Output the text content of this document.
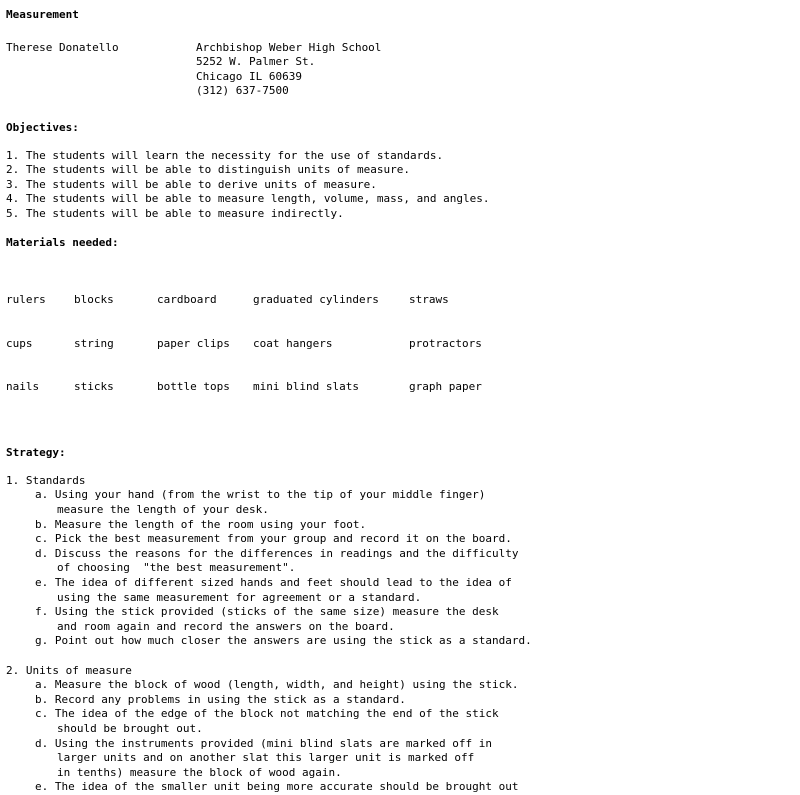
Measurement
Therese Donatello	Archbishop Weber High School
5252 W. Palmer St.
Chicago IL 60639
(312) 637-7500
Objectives:
1. The students will learn the necessity for the use of standards.
2. The students will be able to distinguish units of measure.
3. The students will be able to derive units of measure.
4. The students will be able to measure length, volume, mass, and angles.
5. The students will be able to measure indirectly.
Materials needed:

rulers

cups

nails

blocks

string

sticks

cardboard

paper clips

bottle tops

graduated cylinders

coat hangers

mini blind slats

straws

protractors

graph paper

Strategy:
1. Standards
a. Using your hand (from the wrist to the tip of your middle finger)
measure the length of your desk.
b. Measure the length of the room using your foot.
c. Pick the best measurement from your group and record it on the board.
d. Discuss the reasons for the differences in readings and the difficulty
of choosing  "the best measurement".
e. The idea of different sized hands and feet should lead to the idea of
using the same measurement for agreement or a standard.
f. Using the stick provided (sticks of the same size) measure the desk
and room again and record the answers on the board.
g. Point out how much closer the answers are using the stick as a standard.
2. Units of measure
a. Measure the block of wood (length, width, and height) using the stick.
b. Record any problems in using the stick as a standard.
c. The idea of the edge of the block not matching the end of the stick
should be brought out.
d. Using the instruments provided (mini blind slats are marked off in
larger units and on another slat this larger unit is marked off
in tenths) measure the block of wood again.
e. The idea of the smaller unit being more accurate should be brought out
